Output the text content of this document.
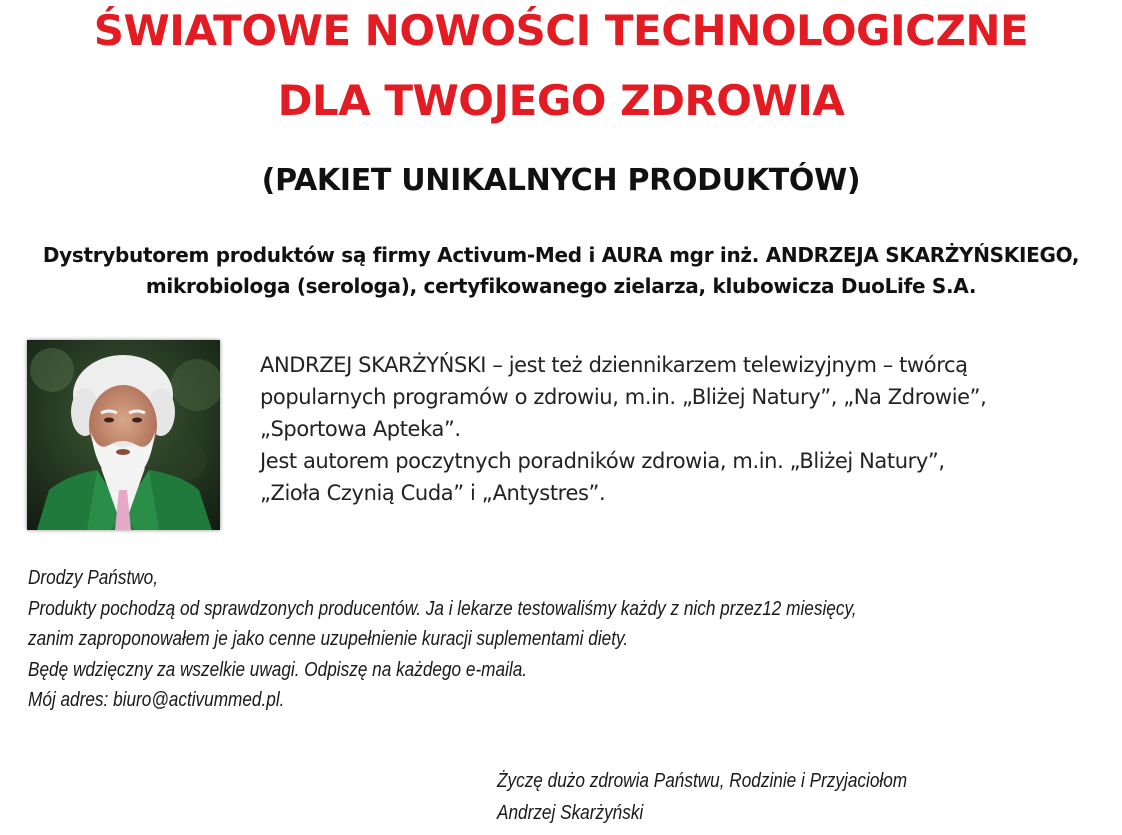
ŚWIATOWE NOWOŚCI TECHNOLOGICZNE
DLA TWOJEGO ZDROWIA
(PAKIET UNIKALNYCH PRODUKTÓW)
Dystrybutorem produktów są firmy Activum-Med i AURA mgr inż. ANDRZEJA SKARŻYŃSKIEGO,
mikrobiologa (serologa), certyfikowanego zielarza, klubowicza DuoLife S.A.
ANDRZEJ SKARŻYŃSKI – jest też dziennikarzem telewizyjnym – twórcą
popularnych programów o zdrowiu, m.in. „Bliżej Natury”, „Na Zdrowie”,
„Sportowa Apteka”.
Jest autorem poczytnych poradników zdrowia, m.in. „Bliżej Natury”,
„Zioła Czynią Cuda” i „Antystres”.
Drodzy Państwo,
Produkty pochodzą od sprawdzonych producentów. Ja i lekarze testowaliśmy każdy z nich przez12 miesięcy,
zanim zaproponowałem je jako cenne uzupełnienie kuracji suplementami diety.
Będę wdzięczny za wszelkie uwagi. Odpiszę na każdego e-maila.
Mój adres: biuro@activummed.pl.
Życzę dużo zdrowia Państwu, Rodzinie i Przyjaciołom
Andrzej Skarżyński
